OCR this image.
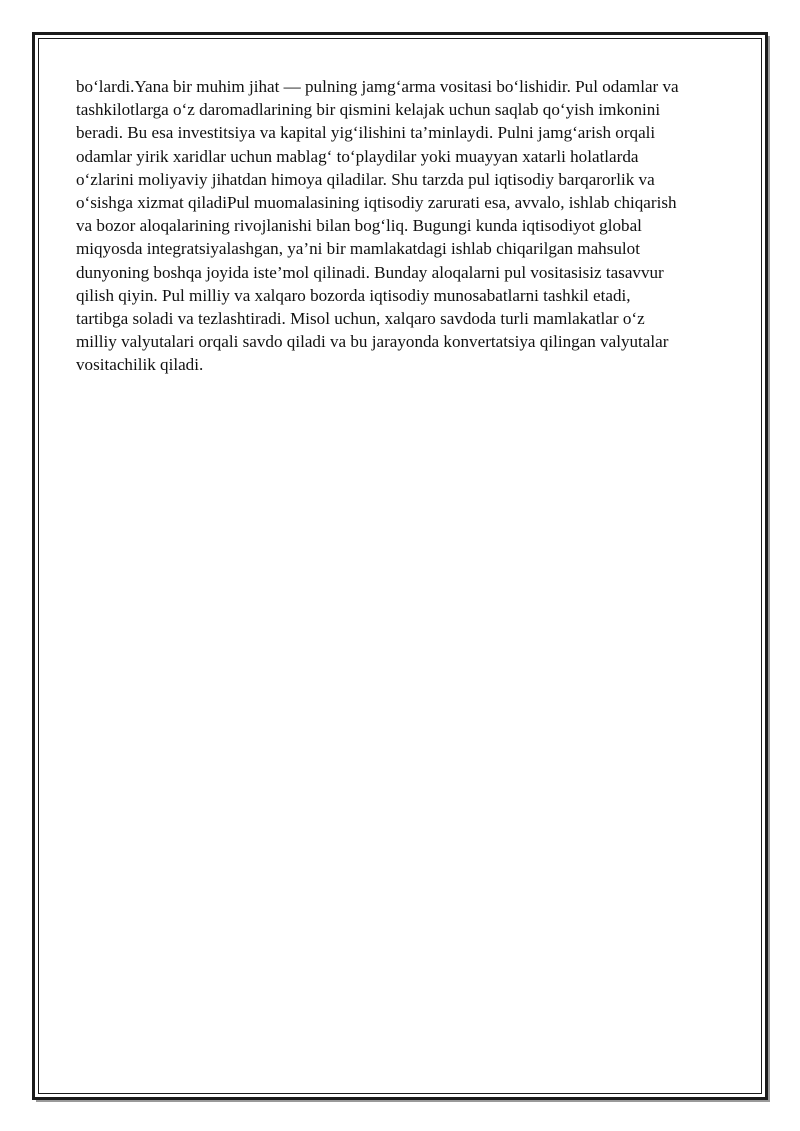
bo‘lardi.Yana bir muhim jihat — pulning jamg‘arma vositasi bo‘lishidir. Pul odamlar va
tashkilotlarga o‘z daromadlarining bir qismini kelajak uchun saqlab qo‘yish imkonini
beradi. Bu esa investitsiya va kapital yig‘ilishini ta’minlaydi. Pulni jamg‘arish orqali
odamlar yirik xaridlar uchun mablag‘ to‘playdilar yoki muayyan xatarli holatlarda
o‘zlarini moliyaviy jihatdan himoya qiladilar. Shu tarzda pul iqtisodiy barqarorlik va
o‘sishga xizmat qiladiPul muomalasining iqtisodiy zarurati esa, avvalo, ishlab chiqarish
va bozor aloqalarining rivojlanishi bilan bog‘liq. Bugungi kunda iqtisodiyot global
miqyosda integratsiyalashgan, ya’ni bir mamlakatdagi ishlab chiqarilgan mahsulot
dunyoning boshqa joyida iste’mol qilinadi. Bunday aloqalarni pul vositasisiz tasavvur
qilish qiyin. Pul milliy va xalqaro bozorda iqtisodiy munosabatlarni tashkil etadi,
tartibga soladi va tezlashtiradi. Misol uchun, xalqaro savdoda turli mamlakatlar o‘z
milliy valyutalari orqali savdo qiladi va bu jarayonda konvertatsiya qilingan valyutalar
vositachilik qiladi.
